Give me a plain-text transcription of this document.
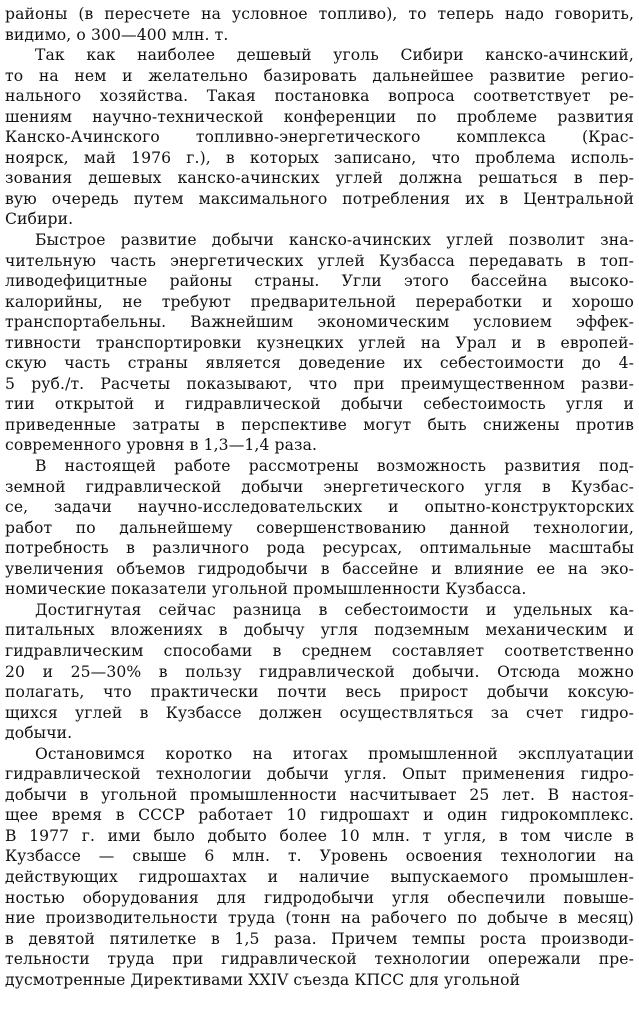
районы (в пересчете на условное топливо), то теперь надо говорить,
видимо, о 300—400 млн. т.
Так как наиболее дешевый уголь Сибири канско-ачинский,
то на нем и желательно базировать дальнейшее развитие регио-
нального хозяйства. Такая постановка вопроса соответствует ре-
шениям научно-технической конференции по проблеме развития
Канско-Ачинского топливно-энергетического комплекса (Крас-
ноярск, май 1976 г.), в которых записано, что проблема исполь-
зования дешевых канско-ачинских углей должна решаться в пер-
вую очередь путем максимального потребления их в Центральной
Сибири.
Быстрое развитие добычи канско-ачинских углей позволит зна-
чительную часть энергетических углей Кузбасса передавать в топ-
ливодефицитные районы страны. Угли этого бассейна высоко-
калорийны, не требуют предварительной переработки и хорошо
транспортабельны. Важнейшим экономическим условием эффек-
тивности транспортировки кузнецких углей на Урал и в европей-
скую часть страны является доведение их себестоимости до 4-
5 руб./т. Расчеты показывают, что при преимущественном разви-
тии открытой и гидравлической добычи себестоимость угля и
приведенные затраты в перспективе могут быть снижены против
современного уровня в 1,3—1,4 раза.
В настоящей работе рассмотрены возможность развития под-
земной гидравлической добычи энергетического угля в Кузбас-
се, задачи научно-исследовательских и опытно-конструкторских
работ по дальнейшему совершенствованию данной технологии,
потребность в различного рода ресурсах, оптимальные масштабы
увеличения объемов гидродобычи в бассейне и влияние ее на эко-
номические показатели угольной промышленности Кузбасса.
Достигнутая сейчас разница в себестоимости и удельных ка-
питальных вложениях в добычу угля подземным механическим и
гидравлическим способами в среднем составляет соответственно
20 и 25—30% в пользу гидравлической добычи. Отсюда можно
полагать, что практически почти весь прирост добычи коксую-
щихся углей в Кузбассе должен осуществляться за счет гидро-
добычи.
Остановимся коротко на итогах промышленной эксплуатации
гидравлической технологии добычи угля. Опыт применения гидро-
добычи в угольной промышленности насчитывает 25 лет. В настоя-
щее время в СССР работает 10 гидрошахт и один гидрокомплекс.
В 1977 г. ими было добыто более 10 млн. т угля, в том числе в
Кузбассе — свыше 6 млн. т. Уровень освоения технологии на
действующих гидрошахтах и наличие выпускаемого промышлен-
ностью оборудования для гидродобычи угля обеспечили повыше-
ние производительности труда (тонн на рабочего по добыче в месяц)
в девятой пятилетке в 1,5 раза. Причем темпы роста производи-
тельности труда при гидравлической технологии опережали пре-
дусмотренные Директивами XXIV съезда КПСС для угольной
